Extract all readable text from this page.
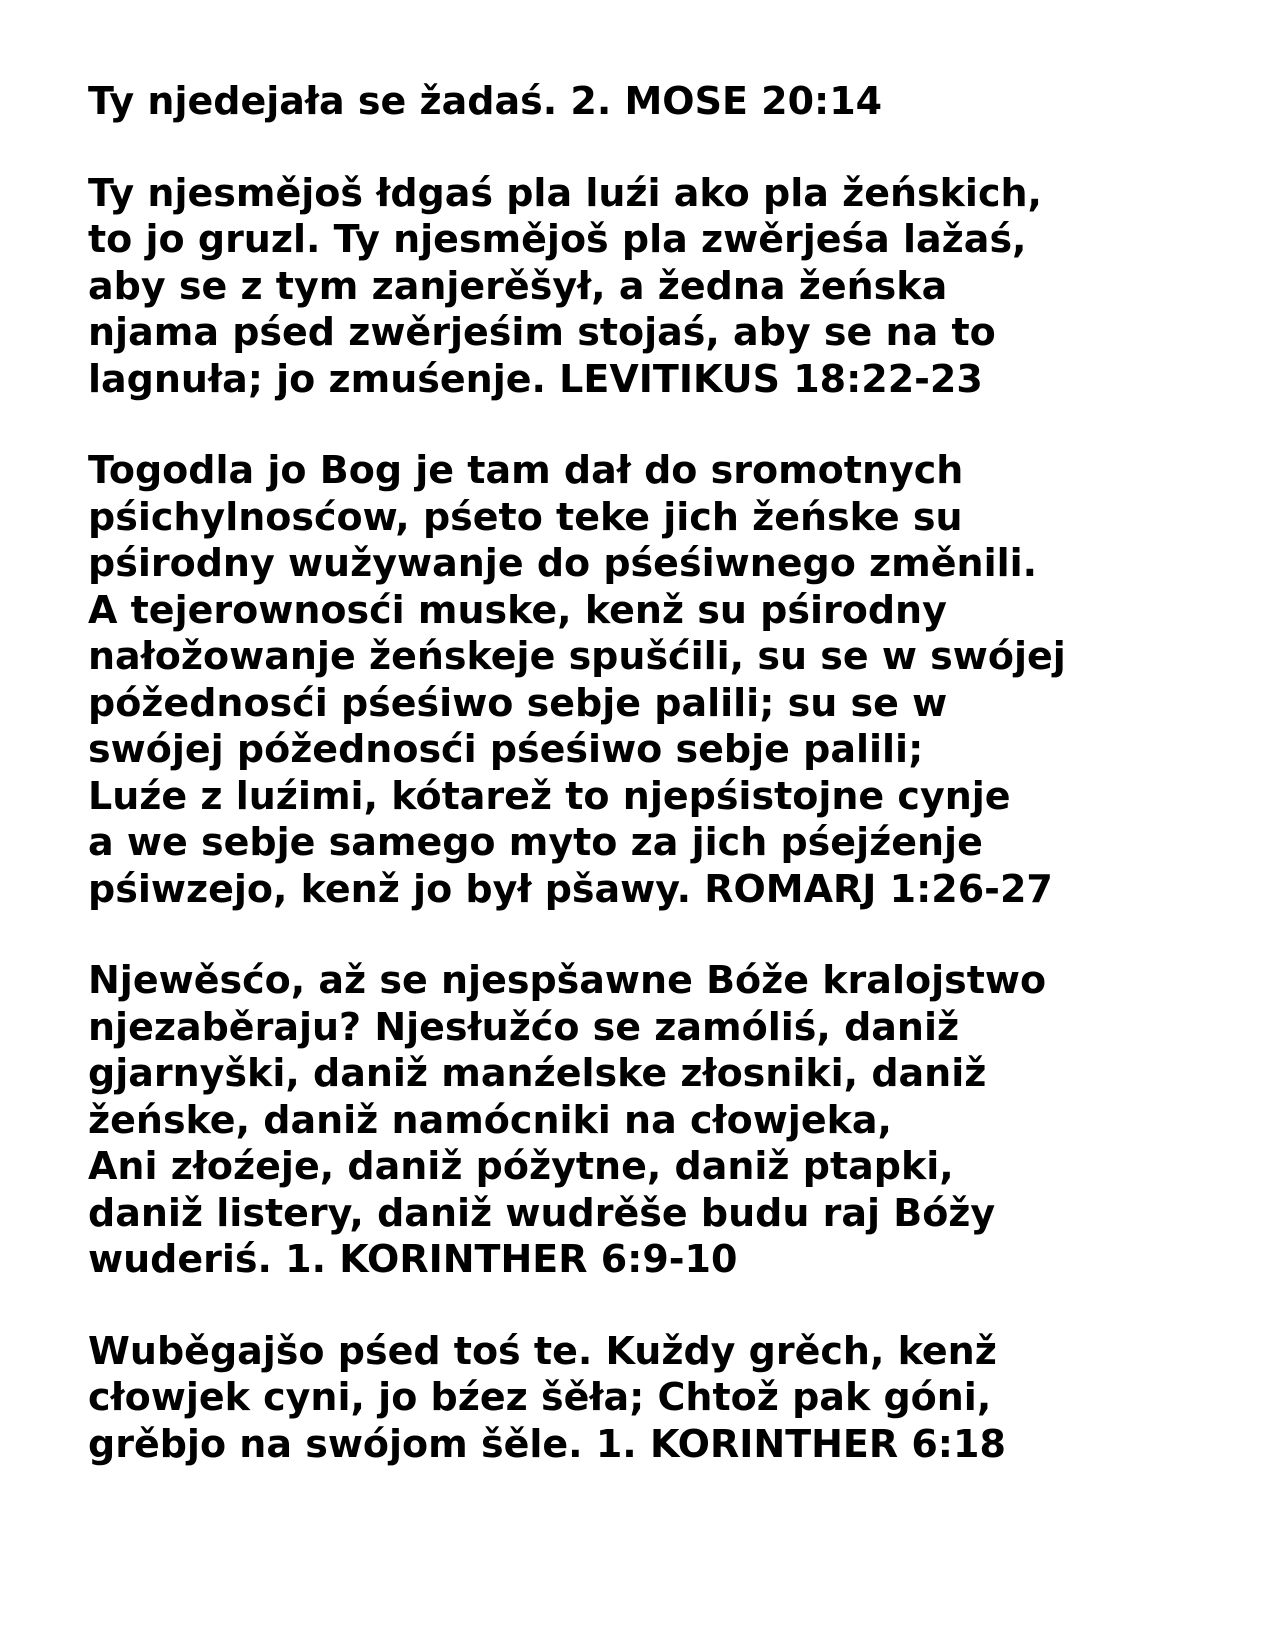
Ty njedejała se žadaś. 2. MOSE 20:14
Ty njesmějoš łdgaś pla luźi ako pla žeńskich,
to jo gruzl. Ty njesmějoš pla zwěrjeśa lažaś,
aby se z tym zanjerěšył, a žedna žeńska
njama pśed zwěrjeśim stojaś, aby se na to
lagnuła; jo zmuśenje. LEVITIKUS 18:22-23
Togodla jo Bog je tam dał do sromotnych
pśichylnosćow, pśeto teke jich žeńske su
pśirodny wužywanje do pśeśiwnego změnili.
A tejerownosći muske, kenž su pśirodny
nałožowanje žeńskeje spušćili, su se w swójej
póžednosći pśeśiwo sebje palili; su se w
swójej póžednosći pśeśiwo sebje palili;
Luźe z luźimi, kótarež to njepśistojne cynje
a we sebje samego myto za jich pśejźenje
pśiwzejo, kenž jo był pšawy. ROMARJ 1:26-27
Njewěsćo, až se njespšawne Bóže kralojstwo
njezaběraju? Njesłužćo se zamóliś, daniž
gjarnyški, daniž manźelske złosniki, daniž
žeńske, daniž namócniki na cłowjeka,
Ani złoźeje, daniž póžytne, daniž ptapki,
daniž listery, daniž wudrěše budu raj Bóžy
wuderiś. 1. KORINTHER 6:9-10
Wuběgajšo pśed toś te. Kuždy grěch, kenž
cłowjek cyni, jo bźez šěła; Chtož pak góni,
grěbjo na swójom šěle. 1. KORINTHER 6:18
